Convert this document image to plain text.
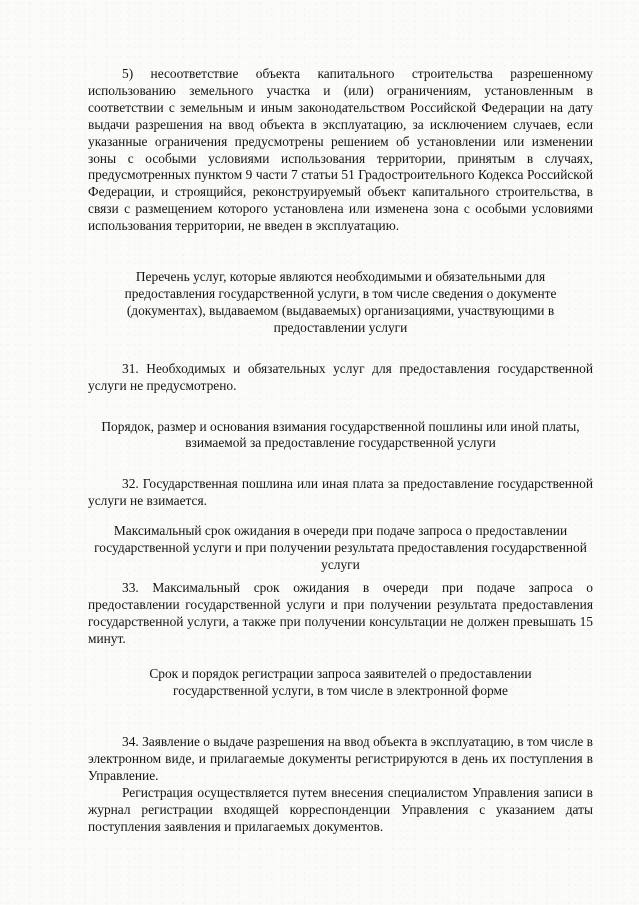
5) несоответствие объекта капитального строительства разрешенному использованию земельного участка и (или) ограничениям, установленным в соответствии с земельным и иным законодательством Российской Федерации на дату выдачи разрешения на ввод объекта в эксплуатацию, за исключением случаев, если указанные ограничения предусмотрены решением об установлении или изменении зоны с особыми условиями использования территории, принятым в случаях, предусмотренных пунктом 9 части 7 статьи 51 Градостроительного Кодекса Российской Федерации, и строящийся, реконструируемый объект капитального строительства, в связи с размещением которого установлена или изменена зона с особыми условиями использования территории, не введен в эксплуатацию.

Перечень услуг, которые являются необходимыми и обязательными для предоставления государственной услуги, в том числе сведения о документе (документах), выдаваемом (выдаваемых) организациями, участвующими в предоставлении услуги

31. Необходимых и обязательных услуг для предоставления государственной услуги не предусмотрено.

Порядок, размер и основания взимания государственной пошлины или иной платы, взимаемой за предоставление государственной услуги

32. Государственная пошлина или иная плата за предоставление государственной услуги не взимается.

Максимальный срок ожидания в очереди при подаче запроса о предоставлении государственной услуги и при получении результата предоставления государственной услуги

33. Максимальный срок ожидания в очереди при подаче запроса о предоставлении государственной услуги и при получении результата предоставления государственной услуги, а также при получении консультации не должен превышать 15 минут.

Срок и порядок регистрации запроса заявителей о предоставлении государственной услуги, в том числе в электронной форме

34. Заявление о выдаче разрешения на ввод объекта в эксплуатацию, в том числе в электронном виде, и прилагаемые документы регистрируются в день их поступления в Управление.

Регистрация осуществляется путем внесения специалистом Управления записи в журнал регистрации входящей корреспонденции Управления с указанием даты поступления заявления и прилагаемых документов.
